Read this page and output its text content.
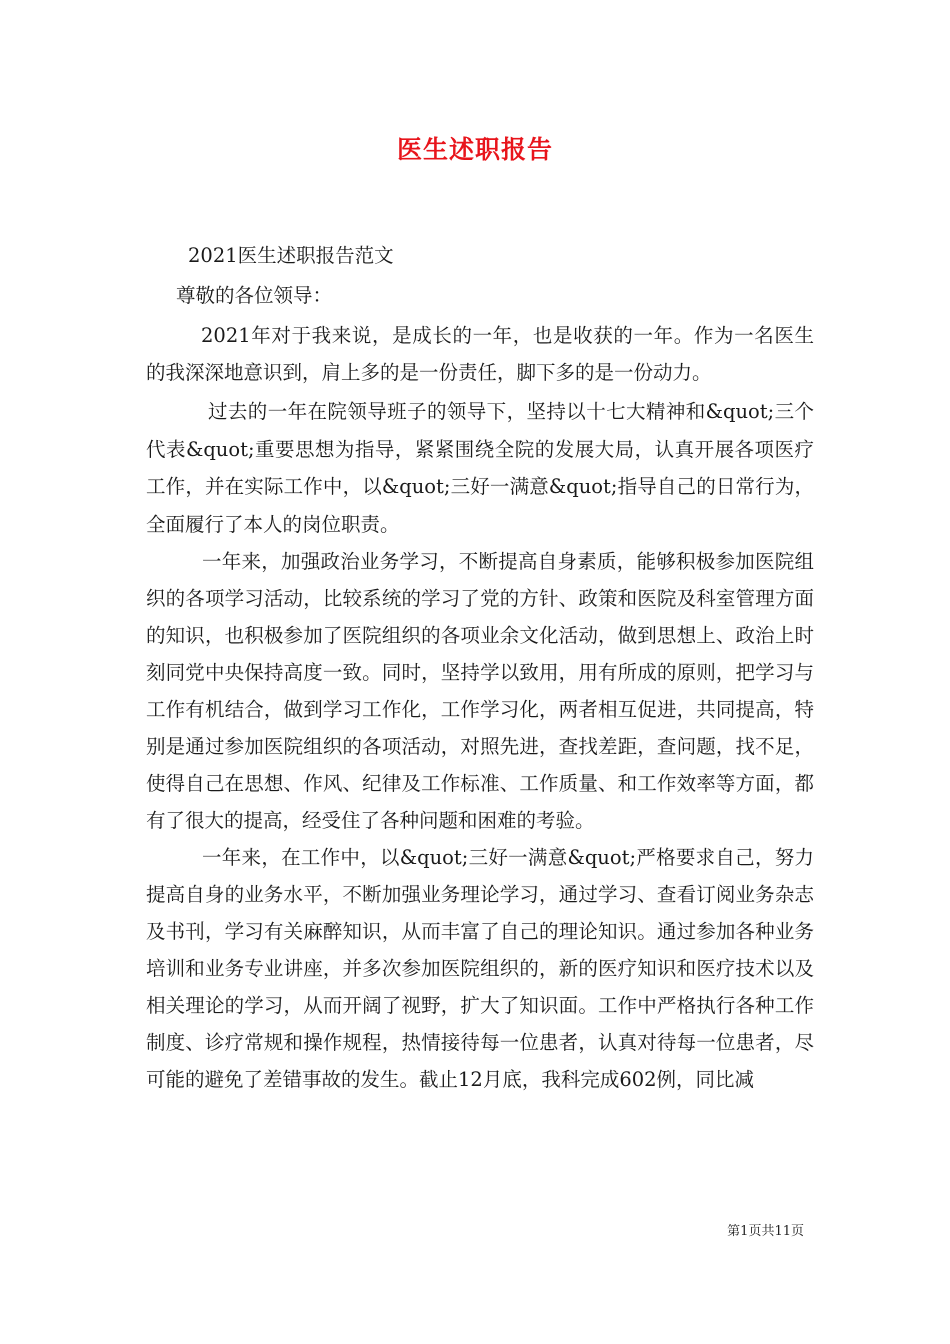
医生述职报告

2021医生述职报告范文

尊敬的各位领导：

2021年对于我来说，是成长的一年，也是收获的一年。作为一名医生的我深深地意识到，肩上多的是一份责任，脚下多的是一份动力。

过去的一年在院领导班子的领导下，坚持以十七大精神和&quot;三个代表&quot;重要思想为指导，紧紧围绕全院的发展大局，认真开展各项医疗工作，并在实际工作中，以&quot;三好一满意&quot;指导自己的日常行为，全面履行了本人的岗位职责。

一年来，加强政治业务学习，不断提高自身素质，能够积极参加医院组织的各项学习活动，比较系统的学习了党的方针、政策和医院及科室管理方面的知识，也积极参加了医院组织的各项业余文化活动，做到思想上、政治上时刻同党中央保持高度一致。同时，坚持学以致用，用有所成的原则，把学习与工作有机结合，做到学习工作化，工作学习化，两者相互促进，共同提高，特别是通过参加医院组织的各项活动，对照先进，查找差距，查问题，找不足，使得自己在思想、作风、纪律及工作标准、工作质量、和工作效率等方面，都有了很大的提高，经受住了各种问题和困难的考验。

一年来，在工作中，以&quot;三好一满意&quot;严格要求自己，努力提高自身的业务水平，不断加强业务理论学习，通过学习、查看订阅业务杂志及书刊，学习有关麻醉知识，从而丰富了自己的理论知识。通过参加各种业务培训和业务专业讲座，并多次参加医院组织的，新的医疗知识和医疗技术以及相关理论的学习，从而开阔了视野，扩大了知识面。工作中严格执行各种工作制度、诊疗常规和操作规程，热情接待每一位患者，认真对待每一位患者，尽可能的避免了差错事故的发生。截止12月底，我科完成602例，同比减

第1页共11页
